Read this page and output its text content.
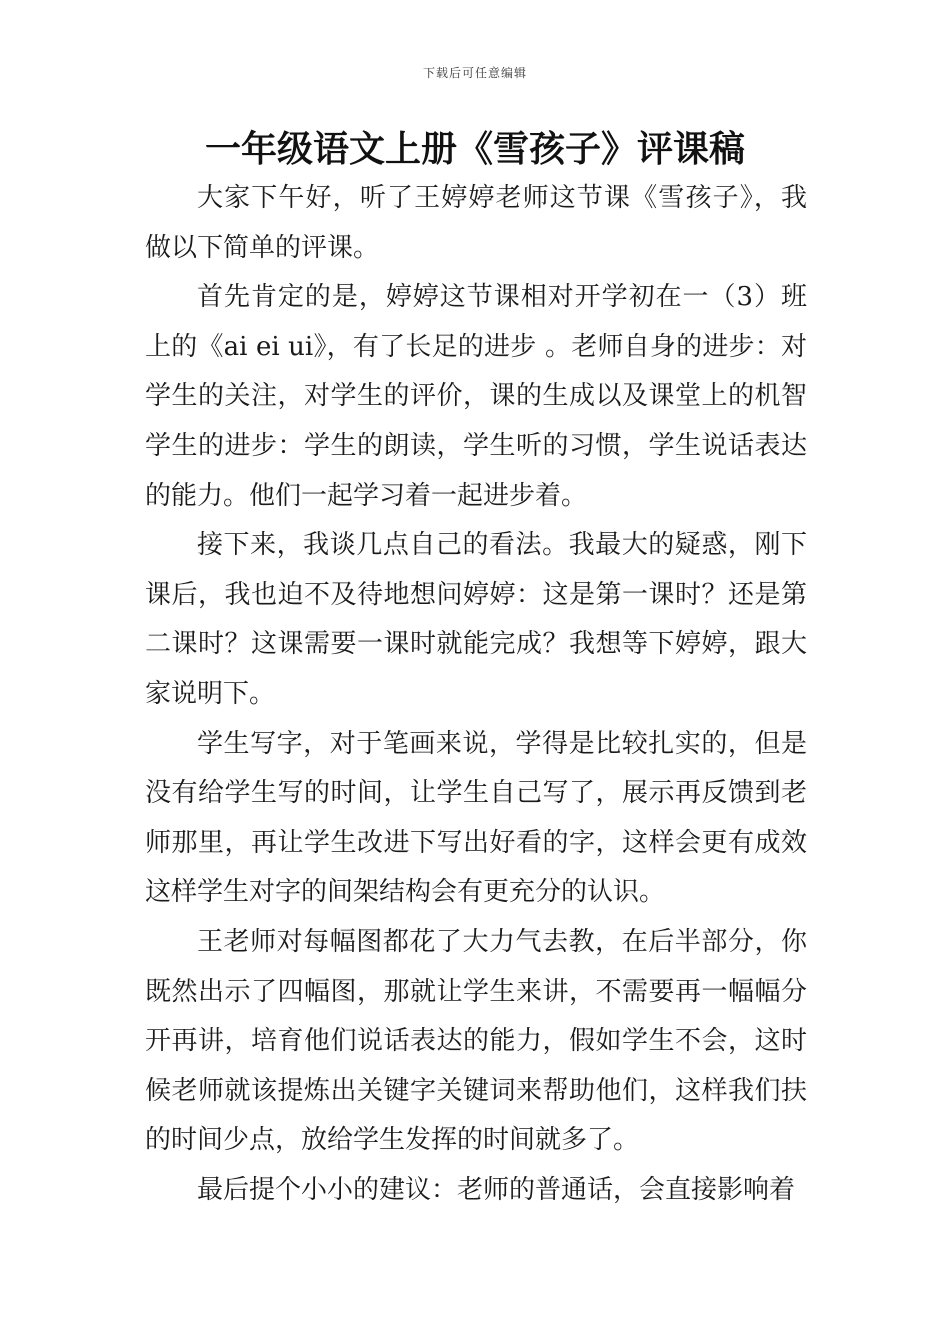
下载后可任意编辑
一年级语文上册《雪孩子》评课稿

大家下午好，听了王婷婷老师这节课《雪孩子》，我做以下简单的评课。

首先肯定的是，婷婷这节课相对开学初在一（3）班上的《ai ei ui》，有了长足的进步 。老师自身的进步：对学生的关注，对学生的评价，课的生成以及课堂上的机智学生的进步：学生的朗读，学生听的习惯，学生说话表达的能力。他们一起学习着一起进步着。

接下来，我谈几点自己的看法。我最大的疑惑，刚下课后，我也迫不及待地想问婷婷：这是第一课时？还是第二课时？这课需要一课时就能完成？我想等下婷婷，跟大家说明下。

学生写字，对于笔画来说，学得是比较扎实的，但是没有给学生写的时间，让学生自己写了，展示再反馈到老师那里，再让学生改进下写出好看的字，这样会更有成效这样学生对字的间架结构会有更充分的认识。

王老师对每幅图都花了大力气去教，在后半部分，你既然出示了四幅图，那就让学生来讲，不需要再一幅幅分开再讲，培育他们说话表达的能力，假如学生不会，这时候老师就该提炼出关键字关键词来帮助他们，这样我们扶的时间少点，放给学生发挥的时间就多了。

最后提个小小的建议：老师的普通话，会直接影响着
